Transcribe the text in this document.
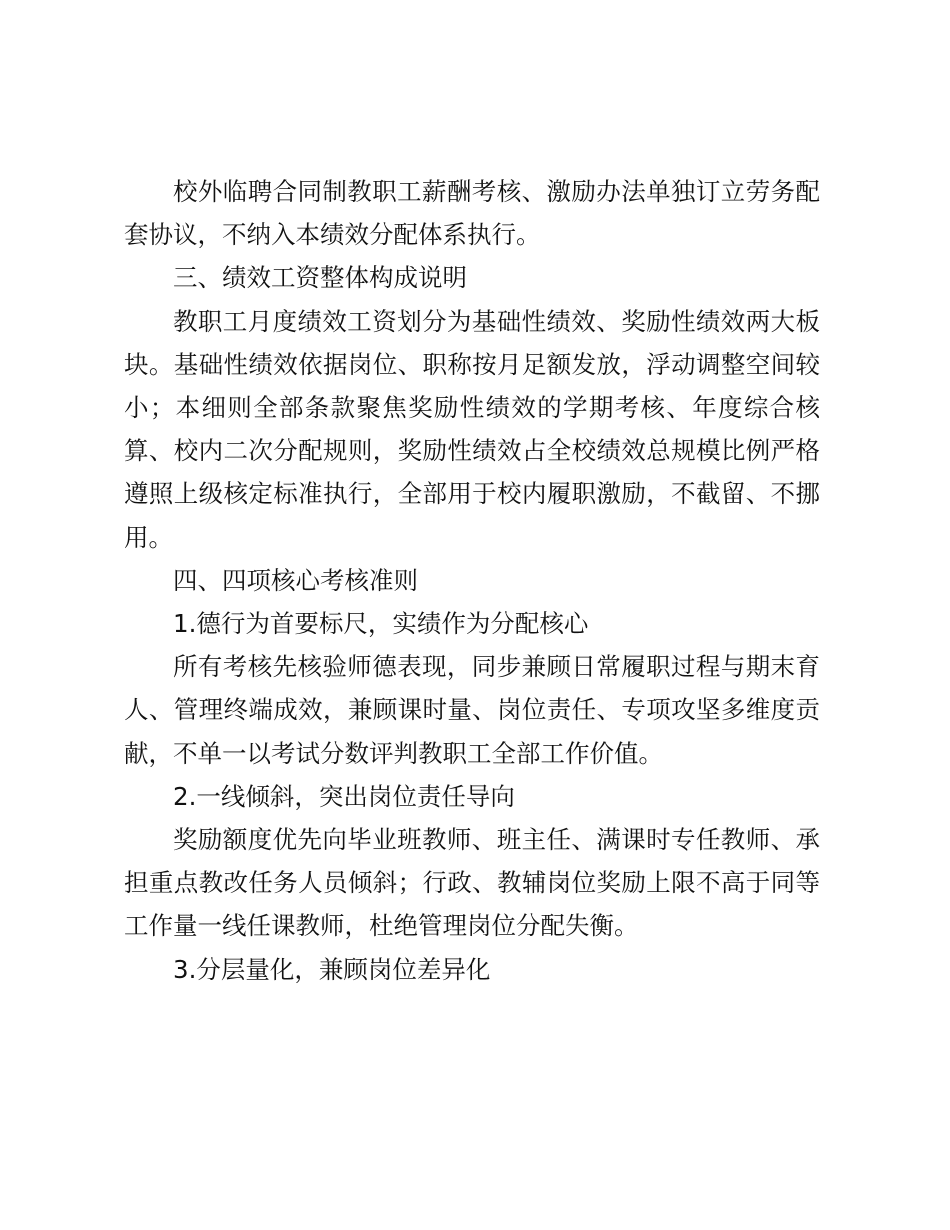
校外临聘合同制教职工薪酬考核、激励办法单独订立劳务配套协议，不纳入本绩效分配体系执行。

三、绩效工资整体构成说明

教职工月度绩效工资划分为基础性绩效、奖励性绩效两大板块。基础性绩效依据岗位、职称按月足额发放，浮动调整空间较小；本细则全部条款聚焦奖励性绩效的学期考核、年度综合核算、校内二次分配规则，奖励性绩效占全校绩效总规模比例严格遵照上级核定标准执行，全部用于校内履职激励，不截留、不挪用。

四、四项核心考核准则

1.德行为首要标尺，实绩作为分配核心

所有考核先核验师德表现，同步兼顾日常履职过程与期末育人、管理终端成效，兼顾课时量、岗位责任、专项攻坚多维度贡献，不单一以考试分数评判教职工全部工作价值。

2.一线倾斜，突出岗位责任导向

奖励额度优先向毕业班教师、班主任、满课时专任教师、承担重点教改任务人员倾斜；行政、教辅岗位奖励上限不高于同等工作量一线任课教师，杜绝管理岗位分配失衡。

3.分层量化，兼顾岗位差异化
